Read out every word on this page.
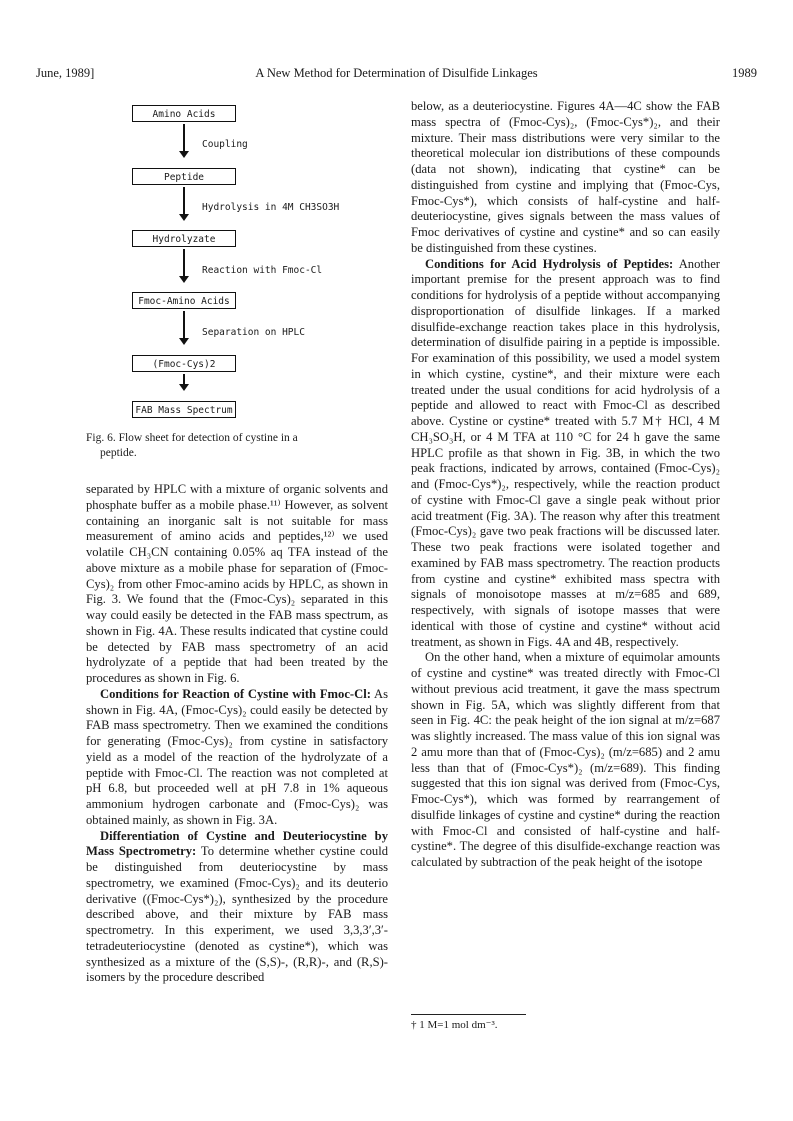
June, 1989]	A New Method for Determination of Disulfide Linkages	1989
Amino Acids
Coupling
Peptide
Hydrolysis in 4M CH3SO3H
Hydrolyzate
Reaction with Fmoc-Cl
Fmoc-Amino Acids
Separation on HPLC
(Fmoc-Cys)2
FAB Mass Spectrum
Fig. 6. Flow sheet for detection of cystine in a
peptide.

separated by HPLC with a mixture of organic solvents and phosphate buffer as a mobile phase.¹¹⁾ However, as solvent containing an inorganic salt is not suitable for mass measurement of amino acids and peptides,¹²⁾ we used volatile CH₃CN containing 0.05% aq TFA instead of the above mixture as a mobile phase for separation of (Fmoc-Cys)₂ from other Fmoc-amino acids by HPLC, as shown in Fig. 3. We found that the (Fmoc-Cys)₂ separated in this way could easily be detected in the FAB mass spectrum, as shown in Fig. 4A. These results indicated that cystine could be detected by FAB mass spectrometry of an acid hydrolyzate of a peptide that had been treated by the procedures as shown in Fig. 6.

Conditions for Reaction of Cystine with Fmoc-Cl: As shown in Fig. 4A, (Fmoc-Cys)₂ could easily be detected by FAB mass spectrometry. Then we examined the conditions for generating (Fmoc-Cys)₂ from cystine in satisfactory yield as a model of the reaction of the hydrolyzate of a peptide with Fmoc-Cl. The reaction was not completed at pH 6.8, but proceeded well at pH 7.8 in 1% aqueous ammonium hydrogen carbonate and (Fmoc-Cys)₂ was obtained mainly, as shown in Fig. 3A.

Differentiation of Cystine and Deuteriocystine by Mass Spectrometry: To determine whether cystine could be distinguished from deuteriocystine by mass spectrometry, we examined (Fmoc-Cys)₂ and its deuterio derivative ((Fmoc-Cys*)₂), synthesized by the procedure described above, and their mixture by FAB mass spectrometry. In this experiment, we used 3,3,3′,3′-tetradeuteriocystine (denoted as cystine*), which was synthesized as a mixture of the (S,S)-, (R,R)-, and (R,S)-isomers by the procedure described

below, as a deuteriocystine. Figures 4A—4C show the FAB mass spectra of (Fmoc-Cys)₂, (Fmoc-Cys*)₂, and their mixture. Their mass distributions were very similar to the theoretical molecular ion distributions of these compounds (data not shown), indicating that cystine* can be distinguished from cystine and implying that (Fmoc-Cys, Fmoc-Cys*), which consists of half-cystine and half-deuteriocystine, gives signals between the mass values of Fmoc derivatives of cystine and cystine* and so can easily be distinguished from these cystines.

Conditions for Acid Hydrolysis of Peptides: Another important premise for the present approach was to find conditions for hydrolysis of a peptide without accompanying disproportionation of disulfide linkages. If a marked disulfide-exchange reaction takes place in this hydrolysis, determination of disulfide pairing in a peptide is impossible. For examination of this possibility, we used a model system in which cystine, cystine*, and their mixture were each treated under the usual conditions for acid hydrolysis of a peptide and allowed to react with Fmoc-Cl as described above. Cystine or cystine* treated with 5.7 M† HCl, 4 M CH₃SO₃H, or 4 M TFA at 110 °C for 24 h gave the same HPLC profile as that shown in Fig. 3B, in which the two peak fractions, indicated by arrows, contained (Fmoc-Cys)₂ and (Fmoc-Cys*)₂, respectively, while the reaction product of cystine with Fmoc-Cl gave a single peak without prior acid treatment (Fig. 3A). The reason why after this treatment (Fmoc-Cys)₂ gave two peak fractions will be discussed later. These two peak fractions were isolated together and examined by FAB mass spectrometry. The reaction products from cystine and cystine* exhibited mass spectra with signals of monoisotope masses at m/z=685 and 689, respectively, with signals of isotope masses that were identical with those of cystine and cystine* without acid treatment, as shown in Figs. 4A and 4B, respectively.

On the other hand, when a mixture of equimolar amounts of cystine and cystine* was treated directly with Fmoc-Cl without previous acid treatment, it gave the mass spectrum shown in Fig. 5A, which was slightly different from that seen in Fig. 4C: the peak height of the ion signal at m/z=687 was slightly increased. The mass value of this ion signal was 2 amu more than that of (Fmoc-Cys)₂ (m/z=685) and 2 amu less than that of (Fmoc-Cys*)₂ (m/z=689). This finding suggested that this ion signal was derived from (Fmoc-Cys, Fmoc-Cys*), which was formed by rearrangement of disulfide linkages of cystine and cystine* during the reaction with Fmoc-Cl and consisted of half-cystine and half-cystine*. The degree of this disulfide-exchange reaction was calculated by subtraction of the peak height of the isotope

† 1 M=1 mol dm⁻³.
